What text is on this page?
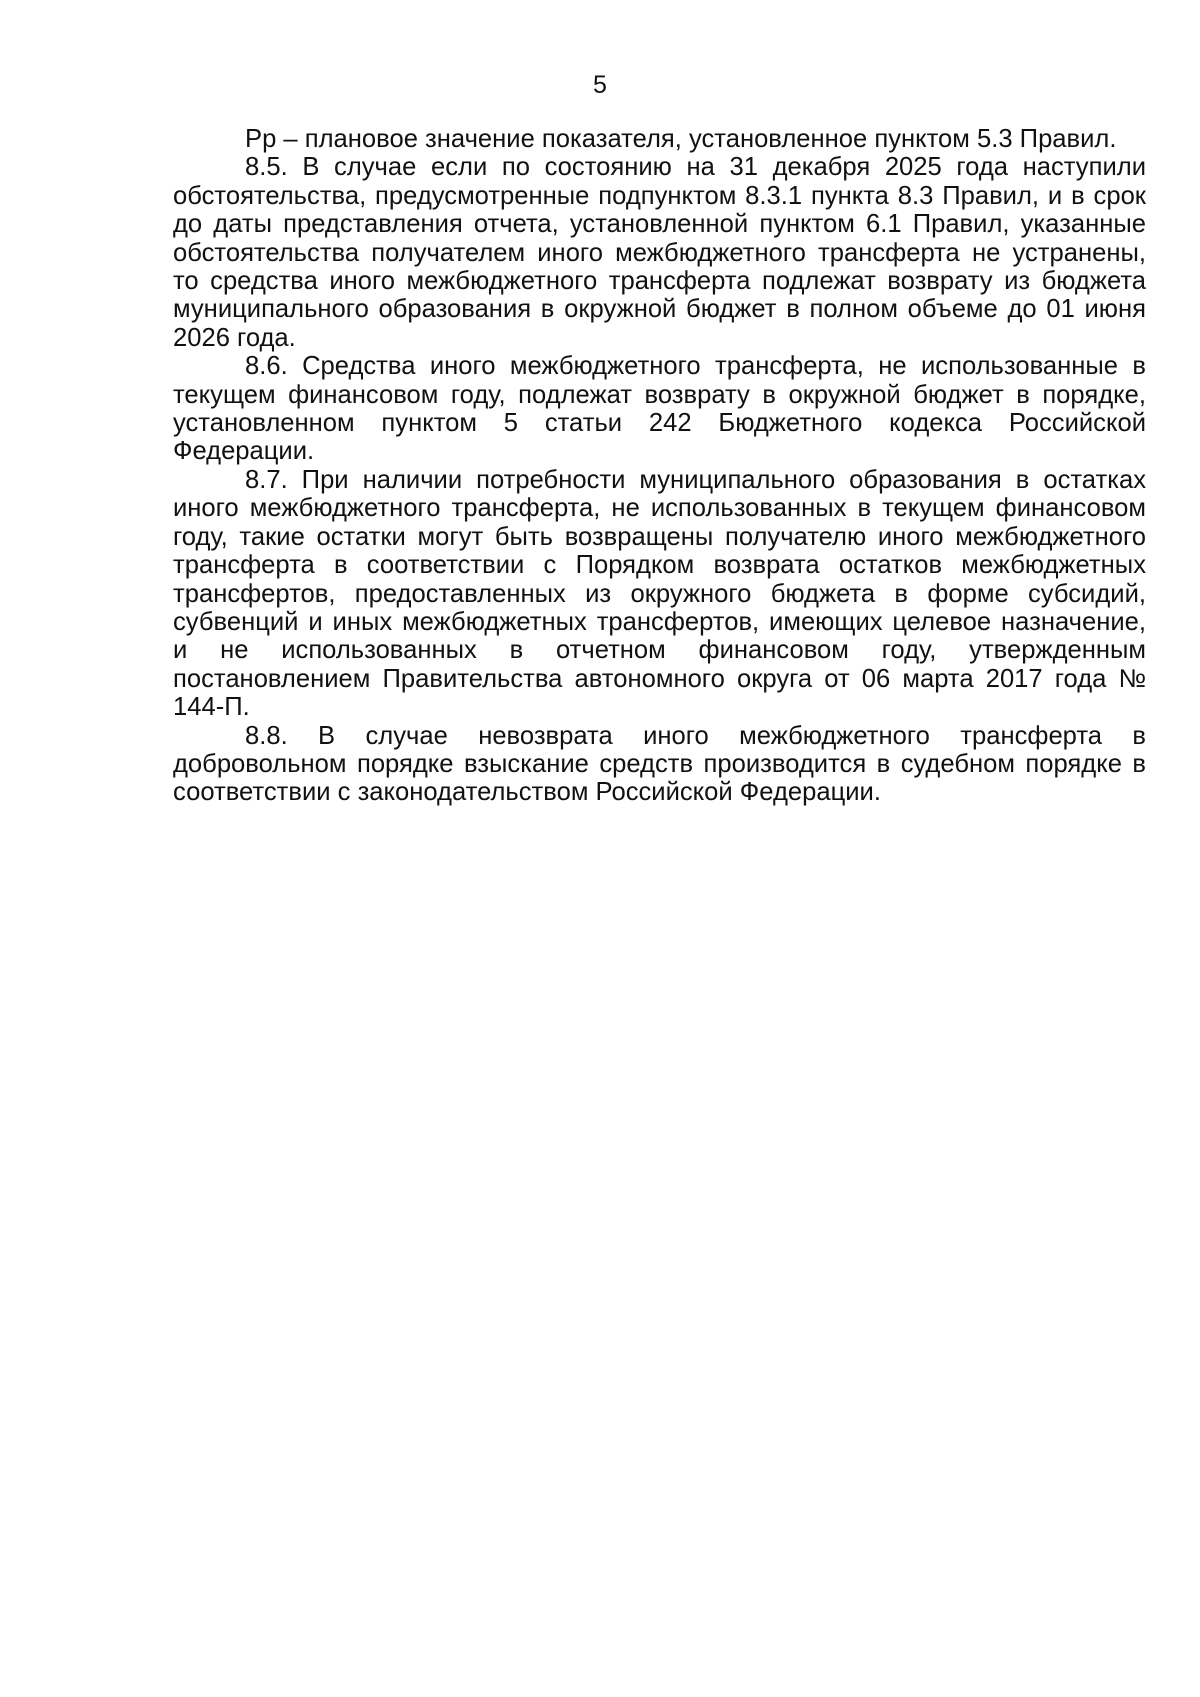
5

Рр – плановое значение показателя, установленное пунктом 5.3 Правил.

8.5. В случае если по состоянию на 31 декабря 2025 года наступили обстоятельства, предусмотренные подпунктом 8.3.1 пункта 8.3 Правил, и в срок до даты представления отчета, установленной пунктом 6.1 Правил, указанные обстоятельства получателем иного межбюджетного трансферта не устранены, то средства иного межбюджетного трансферта подлежат возврату из бюджета муниципального образования в окружной бюджет в полном объеме до 01 июня 2026 года.

8.6. Средства иного межбюджетного трансферта, не использованные в текущем финансовом году, подлежат возврату в окружной бюджет в порядке, установленном пунктом 5 статьи 242 Бюджетного кодекса Российской Федерации.

8.7. При наличии потребности муниципального образования в остатках иного межбюджетного трансферта, не использованных в текущем финансовом году, такие остатки могут быть возвращены получателю иного межбюджетного трансферта в соответствии с Порядком возврата остатков межбюджетных трансфертов, предоставленных из окружного бюджета в форме субсидий, субвенций и иных межбюджетных трансфертов, имеющих целевое назначение, и не использованных в отчетном финансовом году, утвержденным постановлением Правительства автономного округа от 06 марта 2017 года № 144-П.

8.8. В случае невозврата иного межбюджетного трансферта в добровольном порядке взыскание средств производится в судебном порядке в соответствии с законодательством Российской Федерации.
